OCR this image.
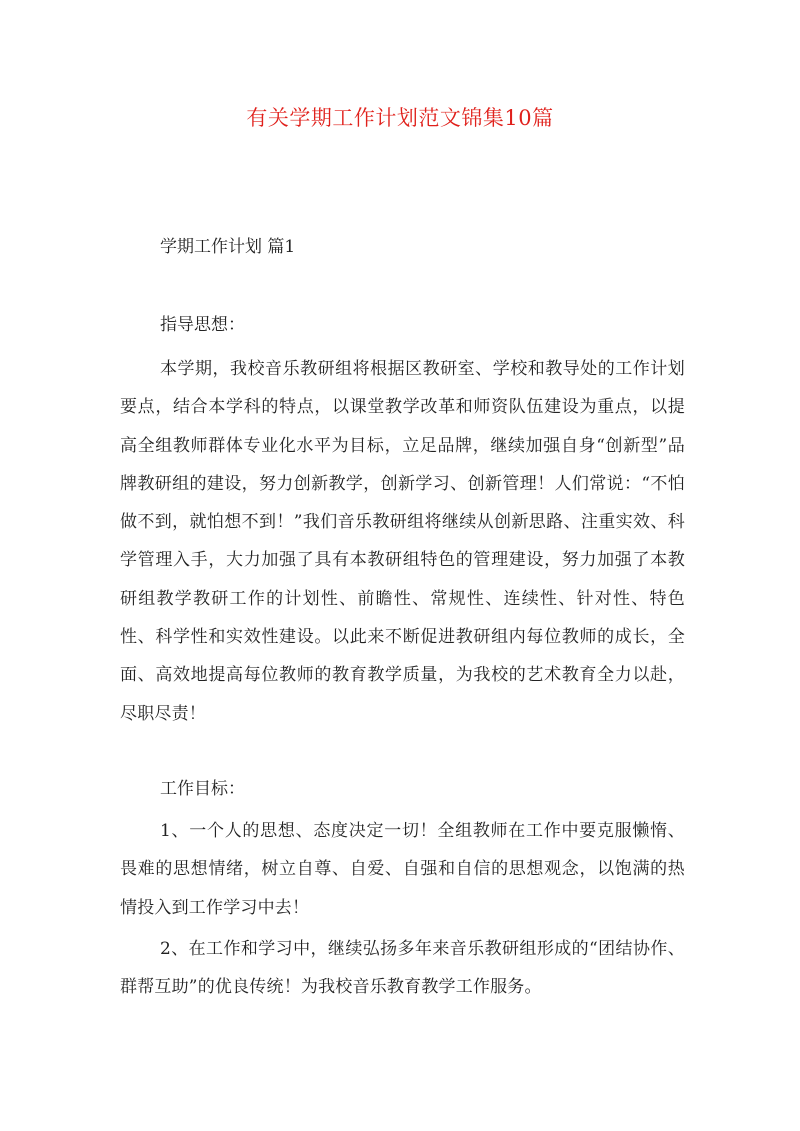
有关学期工作计划范文锦集10篇
学期工作计划 篇1

指导思想：

本学期，我校音乐教研组将根据区教研室、学校和教导处的工作计划要点，结合本学科的特点，以课堂教学改革和师资队伍建设为重点，以提高全组教师群体专业化水平为目标，立足品牌，继续加强自身“创新型”品牌教研组的建设，努力创新教学，创新学习、创新管理！人们常说：“不怕做不到，就怕想不到！”我们音乐教研组将继续从创新思路、注重实效、科学管理入手，大力加强了具有本教研组特色的管理建设，努力加强了本教研组教学教研工作的计划性、前瞻性、常规性、连续性、针对性、特色性、科学性和实效性建设。以此来不断促进教研组内每位教师的成长，全面、高效地提高每位教师的教育教学质量，为我校的艺术教育全力以赴，尽职尽责！

工作目标：

1、一个人的思想、态度决定一切！全组教师在工作中要克服懒惰、畏难的思想情绪，树立自尊、自爱、自强和自信的思想观念，以饱满的热情投入到工作学习中去！

2、在工作和学习中，继续弘扬多年来音乐教研组形成的“团结协作、群帮互助”的优良传统！为我校音乐教育教学工作服务。
